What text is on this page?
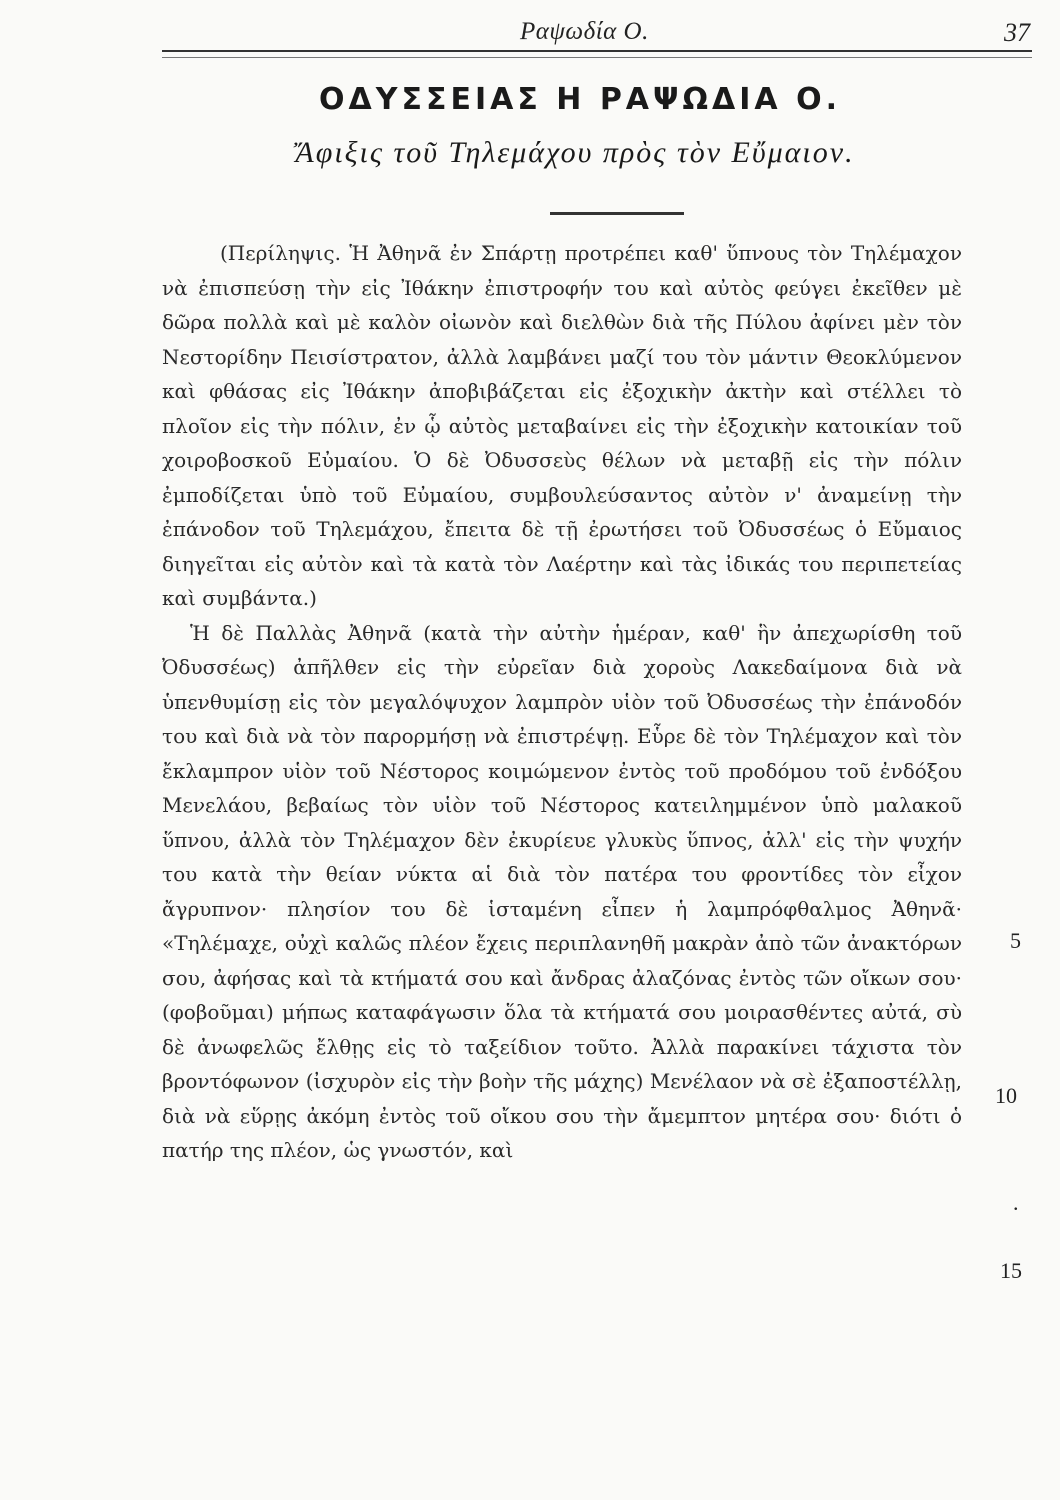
Ραψωδία Ο.	37
ΟΔΥΣΣΕΙΑΣ Η ΡΑΨΩΔΙΑ Ο.
Ἄφιξις τοῦ Τηλεμάχου πρὸς τὸν Εὔμαιον.

(Περίληψις. Ἡ Ἀθηνᾶ ἐν Σπάρτῃ προτρέπει καθ' ὕπνους τὸν Τηλέμαχον νὰ ἐπισπεύσῃ τὴν εἰς Ἰθάκην ἐπιστροφήν του καὶ αὐτὸς φεύγει ἐκεῖθεν μὲ δῶρα πολλὰ καὶ μὲ καλὸν οἰωνὸν καὶ διελθὼν διὰ τῆς Πύλου ἀφίνει μὲν τὸν Νεστορίδην Πεισίστρατον, ἀλλὰ λαμβάνει μαζί του τὸν μάντιν Θεοκλύμενον καὶ φθάσας εἰς Ἰθάκην ἀποβιβάζεται εἰς ἐξοχικὴν ἀκτὴν καὶ στέλλει τὸ πλοῖον εἰς τὴν πόλιν, ἐν ᾧ αὐτὸς μεταβαίνει εἰς τὴν ἐξοχικὴν κατοικίαν τοῦ χοιροβοσκοῦ Εὐμαίου. Ὁ δὲ Ὀδυσσεὺς θέλων νὰ μεταβῇ εἰς τὴν πόλιν ἐμποδίζεται ὑπὸ τοῦ Εὐμαίου, συμβουλεύσαντος αὐτὸν ν' ἀναμείνῃ τὴν ἐπάνοδον τοῦ Τηλεμάχου, ἔπειτα δὲ τῇ ἐρωτήσει τοῦ Ὀδυσσέως ὁ Εὔμαιος διηγεῖται εἰς αὐτὸν καὶ τὰ κατὰ τὸν Λαέρτην καὶ τὰς ἰδικάς του περιπετείας καὶ συμβάντα.)

Ἡ δὲ Παλλὰς Ἀθηνᾶ (κατὰ τὴν αὐτὴν ἡμέραν, καθ' ἣν ἀπεχωρίσθη τοῦ Ὀδυσσέως) ἀπῆλθεν εἰς τὴν εὐρεῖαν διὰ χοροὺς Λακεδαίμονα διὰ νὰ ὑπενθυμίσῃ εἰς τὸν μεγαλόψυχον λαμπρὸν υἱὸν τοῦ Ὀδυσσέως τὴν ἐπάνοδόν του καὶ διὰ νὰ τὸν παρορμήσῃ νὰ ἐπιστρέψῃ. Εὗρε δὲ τὸν Τηλέμαχον καὶ τὸν ἔκλαμπρον υἱὸν τοῦ Νέστορος κοιμώμενον ἐντὸς τοῦ προδόμου τοῦ ἐνδόξου Μενελάου, βεβαίως τὸν υἱὸν τοῦ Νέστορος κατειλημμένον ὑπὸ μαλακοῦ ὕπνου, ἀλλὰ τὸν Τηλέμαχον δὲν ἐκυρίευε γλυκὺς ὕπνος, ἀλλ' εἰς τὴν ψυχήν του κατὰ τὴν θείαν νύκτα αἱ διὰ τὸν πατέρα του φροντίδες τὸν εἶχον ἄγρυπνον· πλησίον του δὲ ἱσταμένη εἶπεν ἡ λαμπρόφθαλμος Ἀθηνᾶ· «Τηλέμαχε, οὐχὶ καλῶς πλέον ἔχεις περιπλανηθῆ μακρὰν ἀπὸ τῶν ἀνακτόρων σου, ἀφήσας καὶ τὰ κτήματά σου καὶ ἄνδρας ἀλαζόνας ἐντὸς τῶν οἴκων σου· (φοβοῦμαι) μήπως καταφάγωσιν ὅλα τὰ κτήματά σου μοιρασθέντες αὐτά, σὺ δὲ ἀνωφελῶς ἔλθῃς εἰς τὸ ταξείδιον τοῦτο. Ἀλλὰ παρακίνει τάχιστα τὸν βροντόφωνον (ἰσχυρὸν εἰς τὴν βοὴν τῆς μάχης) Μενέλαον νὰ σὲ ἐξαποστέλλῃ, διὰ νὰ εὕρῃς ἀκόμη ἐντὸς τοῦ οἴκου σου τὴν ἄμεμπτον μητέρα σου· διότι ὁ πατήρ της πλέον, ὡς γνωστόν, καὶ

5
10
.
15
